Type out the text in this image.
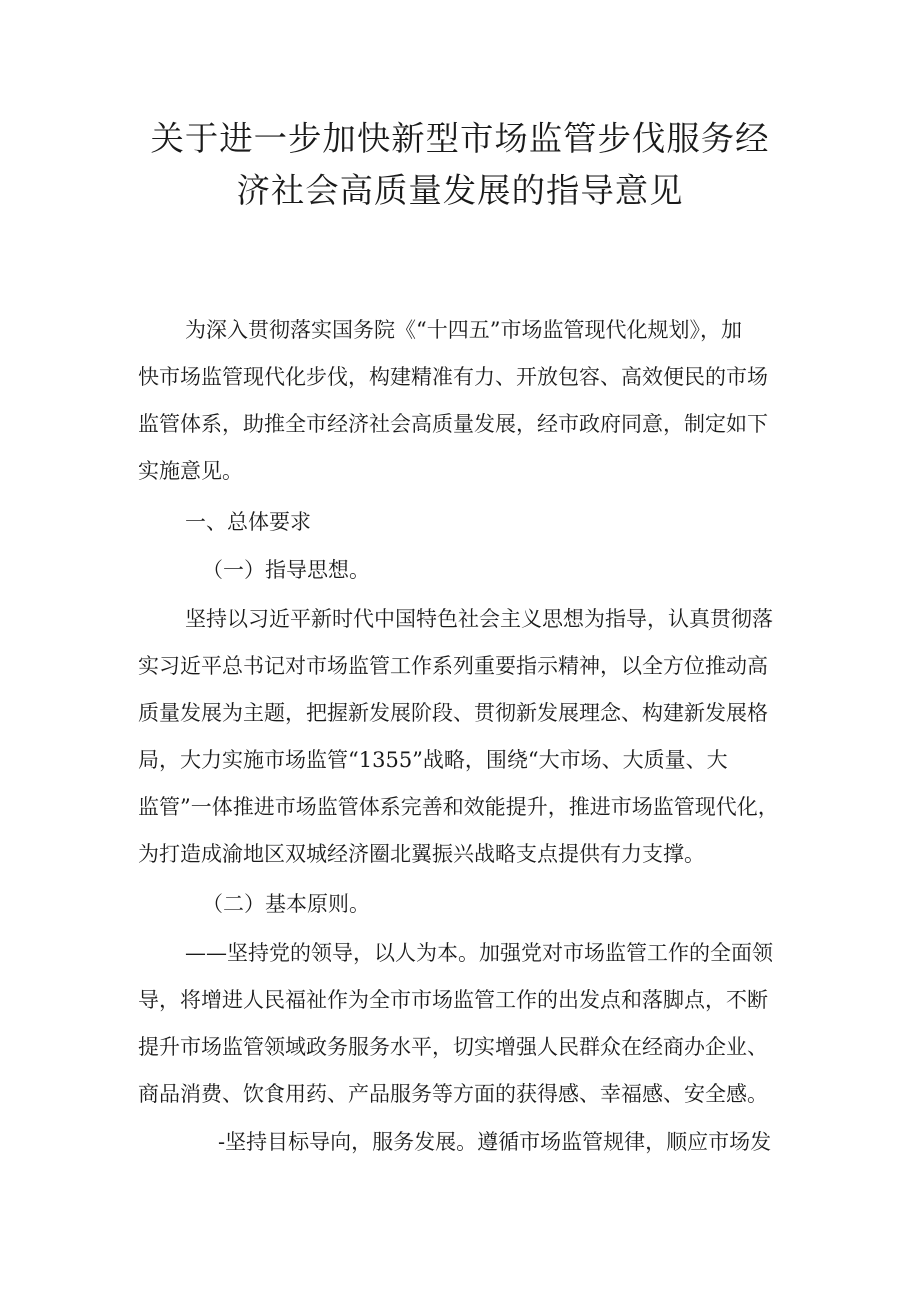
关于进一步加快新型市场监管步伐服务经
济社会高质量发展的指导意见

为深入贯彻落实国务院《“十四五”市场监管现代化规划》，加

快市场监管现代化步伐，构建精准有力、开放包容、高效便民的市场

监管体系，助推全市经济社会高质量发展，经市政府同意，制定如下

实施意见。

一、总体要求

（一）指导思想。

坚持以习近平新时代中国特色社会主义思想为指导，认真贯彻落

实习近平总书记对市场监管工作系列重要指示精神，以全方位推动高

质量发展为主题，把握新发展阶段、贯彻新发展理念、构建新发展格

局，大力实施市场监管“1355”战略，围绕“大市场、大质量、大

监管”一体推进市场监管体系完善和效能提升，推进市场监管现代化，

为打造成渝地区双城经济圈北翼振兴战略支点提供有力支撑。

（二）基本原则。

——坚持党的领导，以人为本。加强党对市场监管工作的全面领

导，将增进人民福祉作为全市市场监管工作的出发点和落脚点，不断

提升市场监管领域政务服务水平，切实增强人民群众在经商办企业、

商品消费、饮食用药、产品服务等方面的获得感、幸福感、安全感。

-坚持目标导向，服务发展。遵循市场监管规律，顺应市场发
